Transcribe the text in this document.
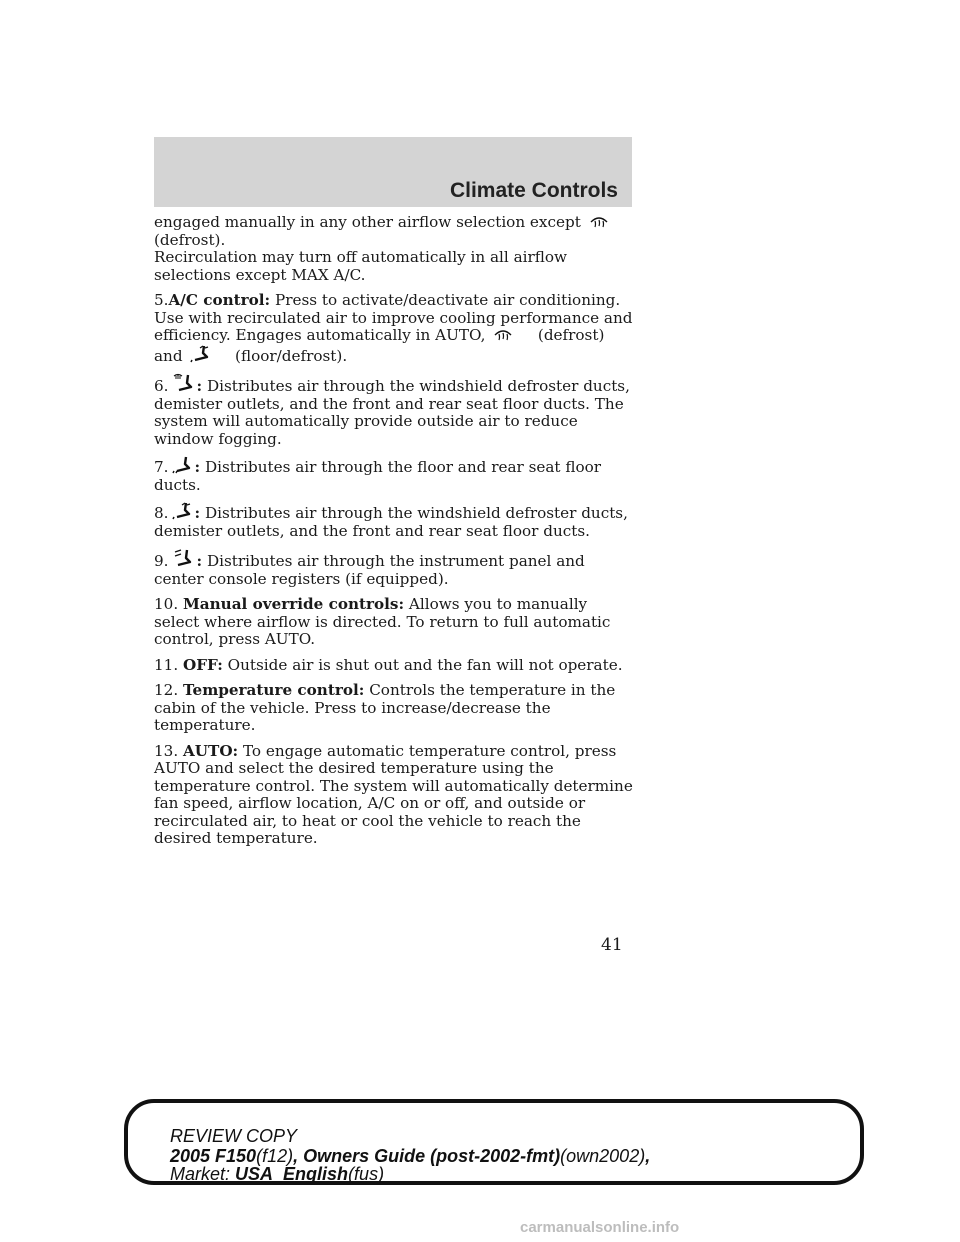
Climate Controls

engaged manually in any other airflow selection except
(defrost).
Recirculation may turn off automatically in all airflow selections except MAX A/C.

5.A/C control: Press to activate/deactivate air conditioning. Use with recirculated air to improve cooling performance and efficiency. Engages automatically in AUTO,	(defrost) and	(floor/defrost).

6. : Distributes air through the windshield defroster ducts, demister outlets, and the front and rear seat floor ducts. The system will automatically provide outside air to reduce window fogging.

7. : Distributes air through the floor and rear seat floor ducts.

8. : Distributes air through the windshield defroster ducts, demister outlets, and the front and rear seat floor ducts.

9. : Distributes air through the instrument panel and center console registers (if equipped).

10. Manual override controls: Allows you to manually select where airflow is directed. To return to full automatic control, press AUTO.

11. OFF: Outside air is shut out and the fan will not operate.

12. Temperature control: Controls the temperature in the cabin of the vehicle. Press to increase/decrease the temperature.

13. AUTO: To engage automatic temperature control, press AUTO and select the desired temperature using the temperature control. The system will automatically determine fan speed, airflow location, A/C on or off, and outside or recirculated air, to heat or cool the vehicle to reach the desired temperature.

41
REVIEW COPY
2005 F150(f12), Owners Guide (post-2002-fmt)(own2002),
Market: USA_English(fus)
carmanualsonline.info
